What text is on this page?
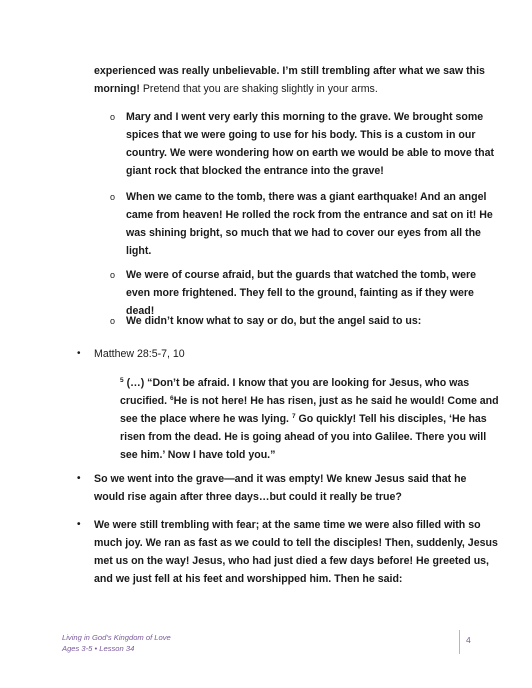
experienced was really unbelievable. I’m still trembling after what we saw this morning! Pretend that you are shaking slightly in your arms.
o Mary and I went very early this morning to the grave. We brought some spices that we were going to use for his body. This is a custom in our country. We were wondering how on earth we would be able to move that giant rock that blocked the entrance into the grave!
o When we came to the tomb, there was a giant earthquake! And an angel came from heaven! He rolled the rock from the entrance and sat on it! He was shining bright, so much that we had to cover our eyes from all the light.
o We were of course afraid, but the guards that watched the tomb, were even more frightened. They fell to the ground, fainting as if they were dead!
o We didn’t know what to say or do, but the angel said to us:
• Matthew 28:5-7, 10
$^5$ (…) “Don’t be afraid. I know that you are looking for Jesus, who was crucified. $^6$He is not here! He has risen, just as he said he would! Come and see the place where he was lying. $^7$ Go quickly! Tell his disciples, ‘He has risen from the dead. He is going ahead of you into Galilee. There you will see him.’ Now I have told you.”
• So we went into the grave—and it was empty! We knew Jesus said that he would rise again after three days…but could it really be true?
• We were still trembling with fear; at the same time we were also filled with so much joy. We ran as fast as we could to tell the disciples! Then, suddenly, Jesus met us on the way! Jesus, who had just died a few days before! He greeted us, and we just fell at his feet and worshipped him. Then he said:
Living in God’s Kingdom of Love
Ages 3-5 • Lesson 34
4
